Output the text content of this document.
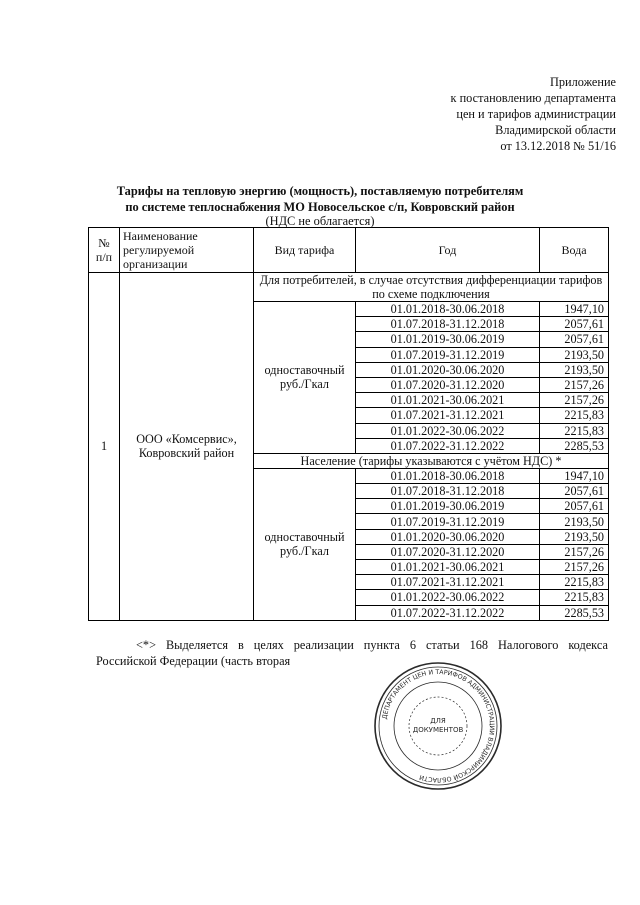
Приложение
к постановлению департамента
цен и тарифов администрации
Владимирской области
от 13.12.2018 № 51/16
Тарифы на тепловую энергию (мощность), поставляемую потребителям
по системе теплоснабжения МО Новосельское с/п, Ковровский район
(НДС не облагается)
№ п/п	Наименование регулируемой организации	Вид тарифа	Год	Вода
1	ООО «Комсервис», Ковровский район	Для потребителей, в случае отсутствия дифференциации тарифов по схеме подключения		
		одноставочный руб./Гкал	01.01.2018-30.06.2018	1947,10
			01.07.2018-31.12.2018	2057,61
			01.01.2019-30.06.2019	2057,61
			01.07.2019-31.12.2019	2193,50
			01.01.2020-30.06.2020	2193,50
			01.07.2020-31.12.2020	2157,26
			01.01.2021-30.06.2021	2157,26
			01.07.2021-31.12.2021	2215,83
			01.01.2022-30.06.2022	2215,83
			01.07.2022-31.12.2022	2285,53
		Население (тарифы указываются с учётом НДС) *		
		одноставочный руб./Гкал	01.01.2018-30.06.2018	1947,10
			01.07.2018-31.12.2018	2057,61
			01.01.2019-30.06.2019	2057,61
			01.07.2019-31.12.2019	2193,50
			01.01.2020-30.06.2020	2193,50
			01.07.2020-31.12.2020	2157,26
			01.01.2021-30.06.2021	2157,26
			01.07.2021-31.12.2021	2215,83
			01.01.2022-30.06.2022	2215,83
			01.07.2022-31.12.2022	2285,53
<*> Выделяется в целях реализации пункта 6 статьи 168 Налогового кодекса
Российской Федерации (часть вторая
ДЕПАРТАМЕНТ ЦЕН И ТАРИФОВ АДМИНИСТРАЦИИ ВЛАДИМИРСКОЙ ОБЛАСТИ
ДЛЯ
ДОКУМЕНТОВ
